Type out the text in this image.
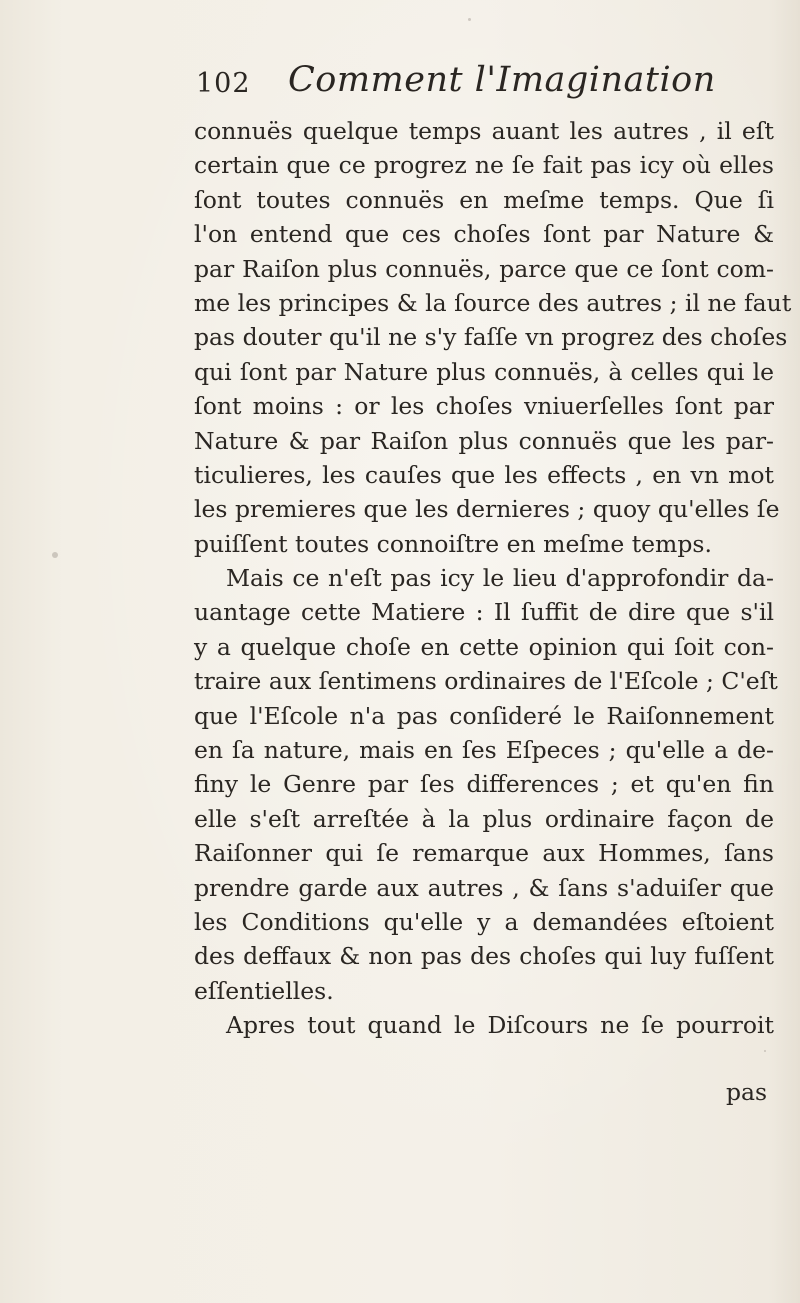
102 Comment l'Imagination
connuës quelque temps auant les autres , il eſt
certain que ce progrez ne ſe fait pas icy où elles
ſont toutes connuës en meſme temps. Que ſi
l'on entend que ces choſes ſont par Nature &
par Raiſon plus connuës, parce que ce ſont com-
me les principes & la ſource des autres ; il ne faut
pas douter qu'il ne s'y faſſe vn progrez des choſes
qui ſont par Nature plus connuës, à celles qui le
ſont moins : or les choſes vniuerſelles ſont par
Nature & par Raiſon plus connuës que les par-
ticulieres, les cauſes que les effects , en vn mot
les premieres que les dernieres ; quoy qu'elles ſe
puiſſent toutes connoiſtre en meſme temps.
Mais ce n'eſt pas icy le lieu d'approfondir da-
uantage cette Matiere : Il ſuffit de dire que s'il
y a quelque choſe en cette opinion qui ſoit con-
traire aux ſentimens ordinaires de l'Eſcole ; C'eſt
que l'Eſcole n'a pas conſideré le Raiſonnement
en ſa nature, mais en ſes Eſpeces ; qu'elle a de-
finy le Genre par ſes differences ; et qu'en fin
elle s'eſt arreſtée à la plus ordinaire façon de
Raiſonner qui ſe remarque aux Hommes, ſans
prendre garde aux autres , & ſans s'aduiſer que
les Conditions qu'elle y a demandées eſtoient
des deffaux & non pas des choſes qui luy fuſſent
eſſentielles.
Apres tout quand le Diſcours ne ſe pourroit
pas
